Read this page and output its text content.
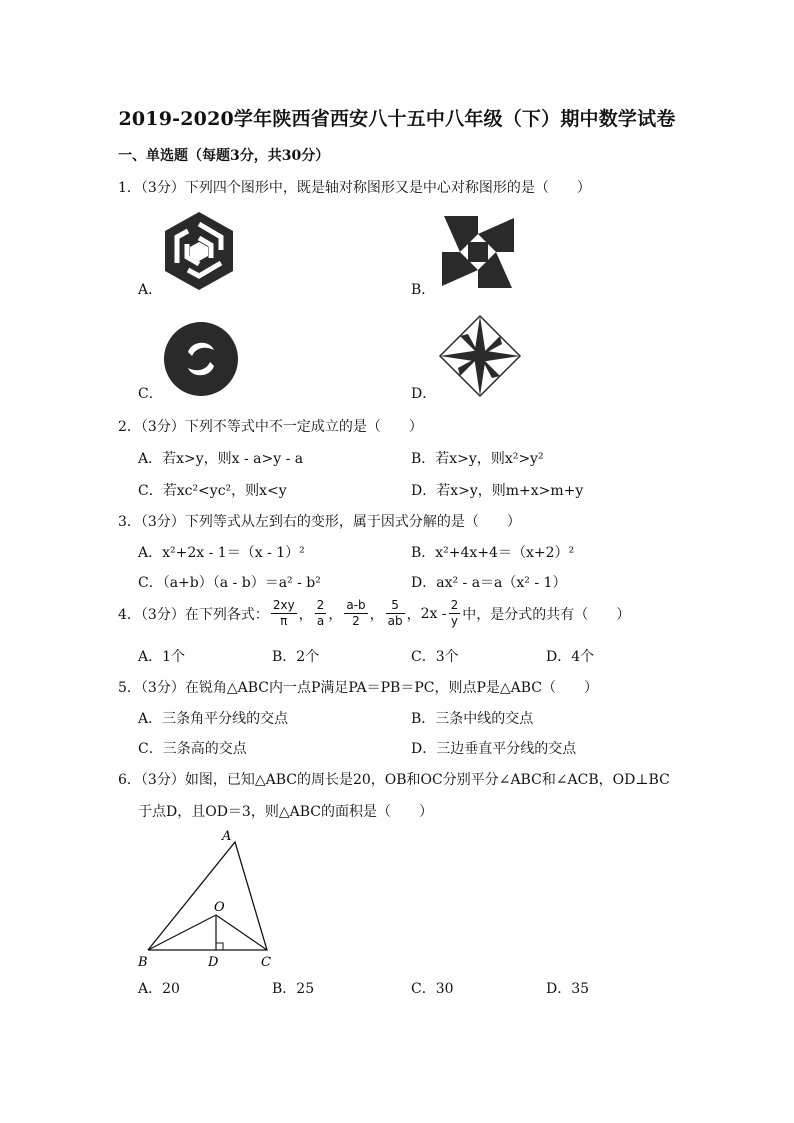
2019-2020学年陕西省西安八十五中八年级（下）期中数学试卷
一、单选题（每题3分，共30分）
1．（3分）下列四个图形中，既是轴对称图形又是中心对称图形的是（　　）
A．	B．
C．	D．
2．（3分）下列不等式中不一定成立的是（　　）
A．若x>y，则x - a>y - a	B．若x>y，则x²>y²
C．若xc²<yc²，则x<y	D．若x>y，则m+x>m+y
3．（3分）下列等式从左到右的变形，属于因式分解的是（　　）
A．x²+2x - 1＝（x - 1）²	B．x²+4x+4＝（x+2）²
C．（a+b）（a - b）＝a² - b²	D．ax² - a＝a（x² - 1）
4．（3分）在下列各式： $\frac{2xy}{\pi}$ ， $\frac{2}{a}$ ， $\frac{a-b}{2}$ ， $\frac{5}{ab}$ ， $2x - \frac{2}{y}$ 中，是分式的共有（　　）
A．1个	B．2个	C．3个	D．4个
5．（3分）在锐角△ABC内一点P满足PA＝PB＝PC，则点P是△ABC（　　）
A．三条角平分线的交点	B．三条中线的交点
C．三条高的交点	D．三边垂直平分线的交点
6．（3分）如图，已知△ABC的周长是20，OB和OC分别平分∠ABC和∠ACB，OD⊥BC
于点D，且OD＝3，则△ABC的面积是（　　）
A
O
B	D	C
A．20	B．25	C．30	D．35
